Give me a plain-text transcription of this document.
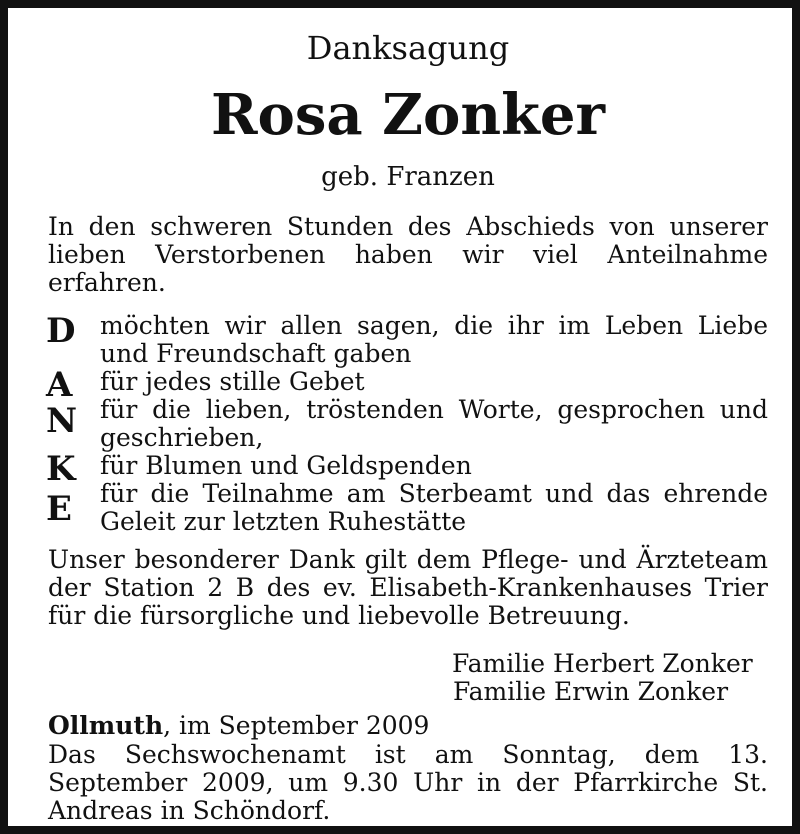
Danksagung
Rosa Zonker
geb. Franzen
In den schweren Stunden des Abschieds von unserer lieben Verstorbenen haben wir viel Anteilnahme erfahren.
D
A
N
K
E
möchten wir allen sagen, die ihr im Leben Liebe und Freundschaft gaben
für jedes stille Gebet
für die lieben, tröstenden Worte, gesprochen und geschrieben,
für Blumen und Geldspenden
für die Teilnahme am Sterbeamt und das ehrende Geleit zur letzten Ruhestätte
Unser besonderer Dank gilt dem Pflege- und Ärzteteam der Station 2 B des ev. Elisabeth-Krankenhauses Trier für die fürsorgliche und liebevolle Betreuung.
Familie Herbert Zonker
Familie Erwin Zonker
Ollmuth, im September 2009
Das Sechswochenamt ist am Sonntag, dem 13. September 2009, um 9.30 Uhr in der Pfarrkirche St. Andreas in Schöndorf.
